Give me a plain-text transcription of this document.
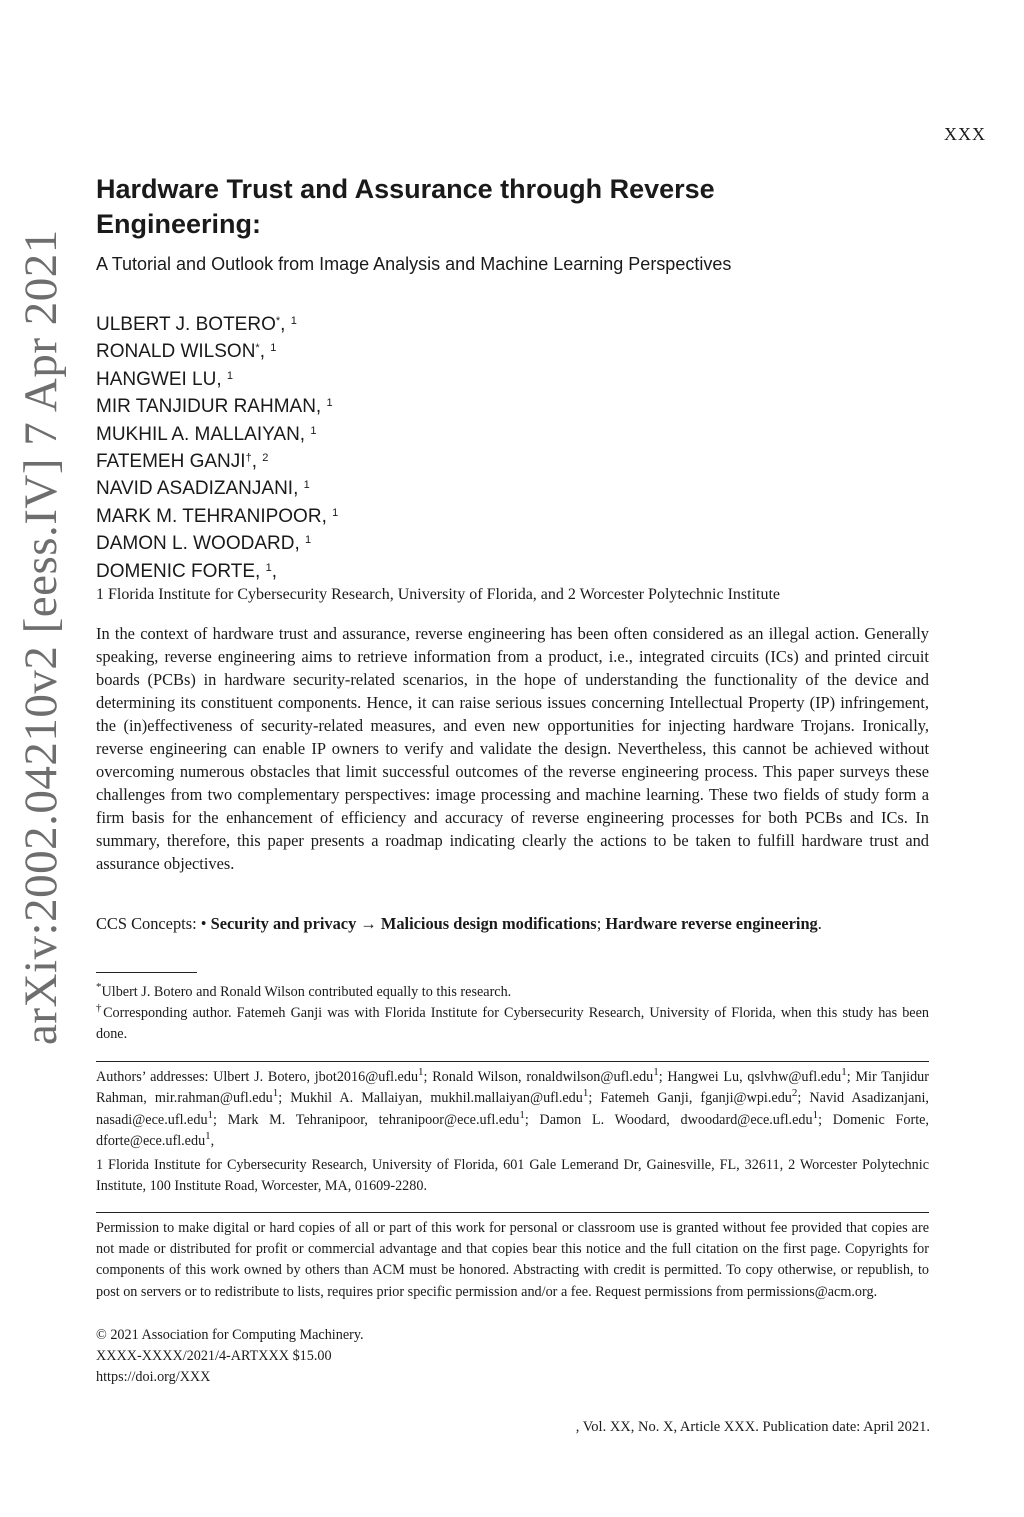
XXX
arXiv:2002.04210v2 [eess.IV] 7 Apr 2021
Hardware Trust and Assurance through Reverse Engineering:
A Tutorial and Outlook from Image Analysis and Machine Learning Perspectives
ULBERT J. BOTERO*, $^1$
RONALD WILSON*, $^1$
HANGWEI LU, $^1$
MIR TANJIDUR RAHMAN, $^1$
MUKHIL A. MALLAIYAN, $^1$
FATEMEH GANJI†, $^2$
NAVID ASADIZANJANI, $^1$
MARK M. TEHRANIPOOR, $^1$
DAMON L. WOODARD, $^1$
DOMENIC FORTE, $^1$,
1 Florida Institute for Cybersecurity Research, University of Florida, and 2 Worcester Polytechnic Institute
In the context of hardware trust and assurance, reverse engineering has been often considered as an illegal action. Generally speaking, reverse engineering aims to retrieve information from a product, i.e., integrated circuits (ICs) and printed circuit boards (PCBs) in hardware security-related scenarios, in the hope of understanding the functionality of the device and determining its constituent components. Hence, it can raise serious issues concerning Intellectual Property (IP) infringement, the (in)effectiveness of security-related measures, and even new opportunities for injecting hardware Trojans. Ironically, reverse engineering can enable IP owners to verify and validate the design. Nevertheless, this cannot be achieved without overcoming numerous obstacles that limit successful outcomes of the reverse engineering process. This paper surveys these challenges from two complementary perspectives: image processing and machine learning. These two fields of study form a firm basis for the enhancement of efficiency and accuracy of reverse engineering processes for both PCBs and ICs. In summary, therefore, this paper presents a roadmap indicating clearly the actions to be taken to fulfill hardware trust and assurance objectives.
CCS Concepts: • Security and privacy → Malicious design modifications; Hardware reverse engineering.
*Ulbert J. Botero and Ronald Wilson contributed equally to this research.
†Corresponding author. Fatemeh Ganji was with Florida Institute for Cybersecurity Research, University of Florida, when this study has been done.
Authors’ addresses: Ulbert J. Botero, jbot2016@ufl.edu$^1$; Ronald Wilson, ronaldwilson@ufl.edu$^1$; Hangwei Lu, qslvhw@ufl.edu$^1$; Mir Tanjidur Rahman, mir.rahman@ufl.edu$^1$; Mukhil A. Mallaiyan, mukhil.mallaiyan@ufl.edu$^1$; Fatemeh Ganji, fganji@wpi.edu$^2$; Navid Asadizanjani, nasadi@ece.ufl.edu$^1$; Mark M. Tehranipoor, tehranipoor@ece.ufl.edu$^1$; Damon L. Woodard, dwoodard@ece.ufl.edu$^1$; Domenic Forte, dforte@ece.ufl.edu$^1$,
1 Florida Institute for Cybersecurity Research, University of Florida, 601 Gale Lemerand Dr, Gainesville, FL, 32611, 2 Worcester Polytechnic Institute, 100 Institute Road, Worcester, MA, 01609-2280.
Permission to make digital or hard copies of all or part of this work for personal or classroom use is granted without fee provided that copies are not made or distributed for profit or commercial advantage and that copies bear this notice and the full citation on the first page. Copyrights for components of this work owned by others than ACM must be honored. Abstracting with credit is permitted. To copy otherwise, or republish, to post on servers or to redistribute to lists, requires prior specific permission and/or a fee. Request permissions from permissions@acm.org.
© 2021 Association for Computing Machinery.
XXXX-XXXX/2021/4-ARTXXX $15.00
https://doi.org/XXX
, Vol. XX, No. X, Article XXX. Publication date: April 2021.
